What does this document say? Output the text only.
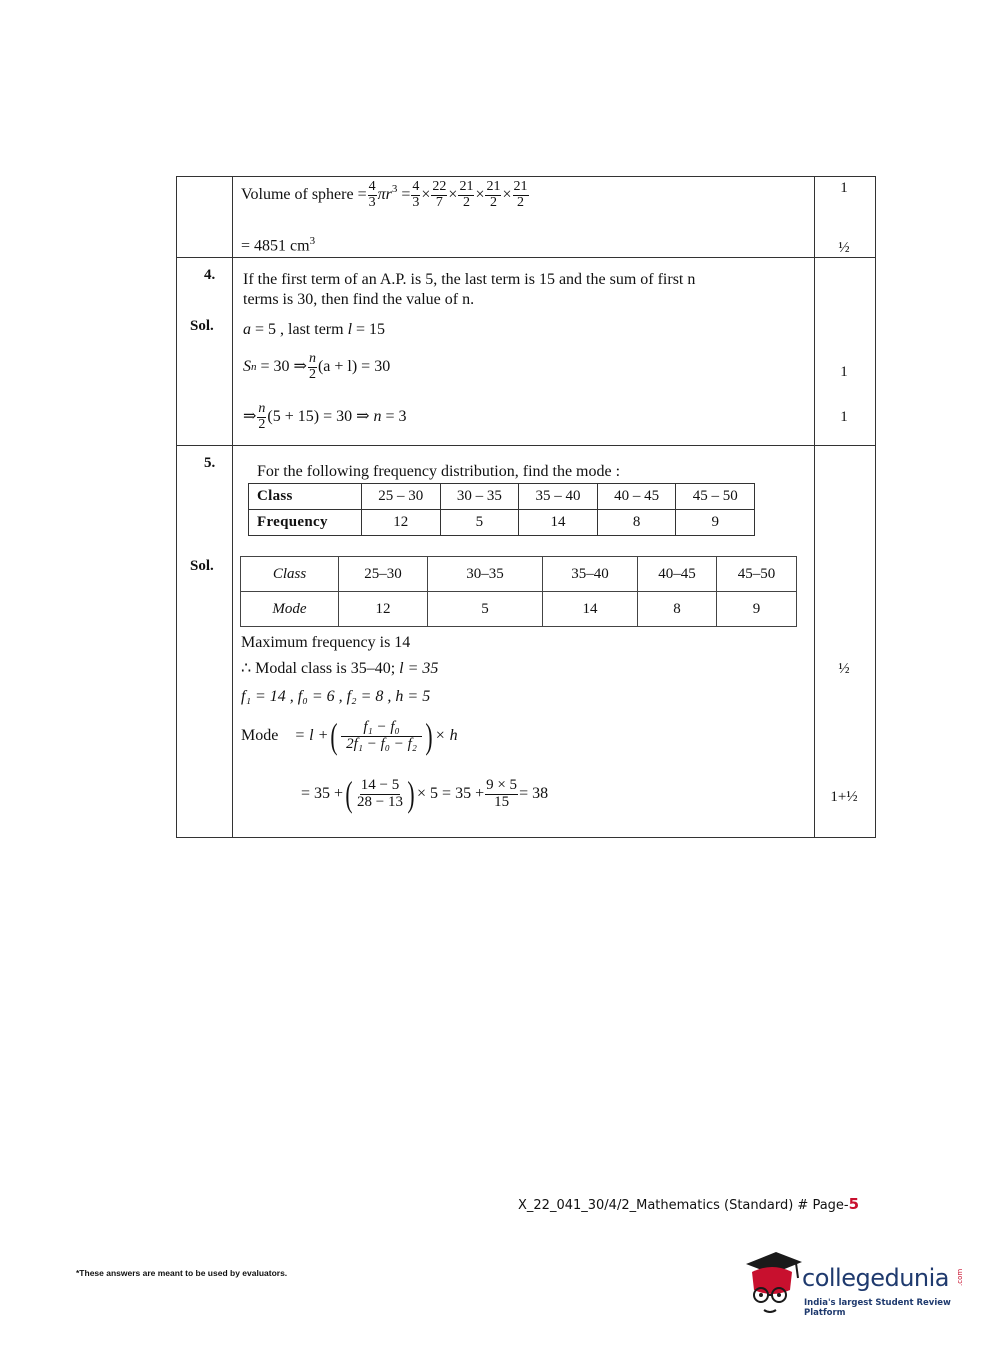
Volume of sphere
= $\frac{4}{3} \pi r^3$
= $\frac{4}{3} \times \frac{22}{7} \times \frac{21}{2} \times \frac{21}{2} \times \frac{21}{2}$
= 4851 $cm^3$
1
½
4. If the first term of an A.P. is 5, the last term is 15 and the sum of first n
terms is 30, then find the value of n.
Sol. a = 5 , last term l = 15
S n
= 30 ⇒ $\frac{n}{2} (a + l) = 30$
⇒ $\frac{n}{2} (5 + 15) = 30$ ⇒
n
= 3
1
1
5.	For the following frequency distribution, find the mode :
Class	25 – 30	30 – 35	35 – 40	40 – 45	45 – 50
Frequency	12	5	14	8	9
Sol.	Class	25–30	30–35	35–40	40–45	45–50
Mode	12	5	14	8	9
Maximum frequency is 14
∴ Modal class is 35–40; l = 35
f₁ = 14 , f₀ = 6 , f₂ = 8 , h = 5
Mode = l + ( $\frac{\text{f₁ − f₀}}{\text{2f₁ − f₀ − f₂}}$ ) × h
= 35 + ( $\frac{14 - 5}{28 - 13}$ ) × $5 = 35 + \frac{9 \times 5}{15} = 38$
½
1+½
X_22_041_30/4/2_Mathematics (Standard) # Page-5
*These answers are meant to be used by evaluators.	collegedunia .com
India's largest Student Review Platform
